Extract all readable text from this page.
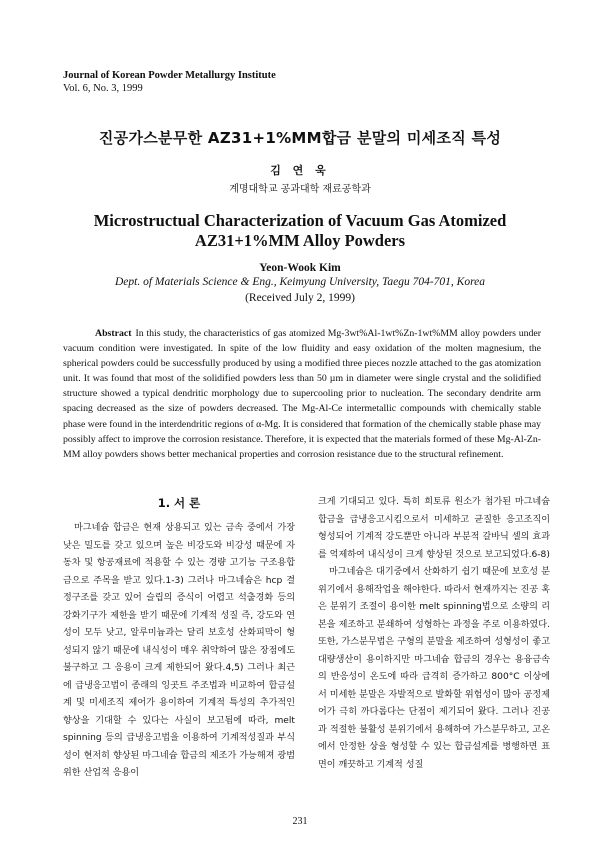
Journal of Korean Powder Metallurgy Institute
Vol. 6, No. 3, 1999
진공가스분무한 AZ31+1%MM합금 분말의 미세조직 특성
김 연 욱
계명대학교 공과대학 재료공학과
Microstructual Characterization of Vacuum Gas Atomized
AZ31+1%MM Alloy Powders
Yeon-Wook Kim
Dept. of Materials Science & Eng., Keimyung University, Taegu 704-701, Korea
(Received July 2, 1999)
Abstract In this study, the characteristics of gas atomized Mg-3wt%Al-1wt%Zn-1wt%MM alloy powders under vacuum condition were investigated. In spite of the low fluidity and easy oxidation of the molten magnesium, the spherical powders could be successfully produced by using a modified three pieces nozzle attached to the gas atomization unit. It was found that most of the solidified powders less than 50 µm in diameter were single crystal and the solidified structure showed a typical dendritic morphology due to supercooling prior to nucleation. The secondary dendrite arm spacing decreased as the size of powders decreased. The Mg-Al-Ce intermetallic compounds with chemically stable phase were found in the interdendritic regions of α-Mg. It is considered that formation of the chemically stable phase may possibly affect to improve the corrosion resistance. Therefore, it is expected that the materials formed of these Mg-Al-Zn-MM alloy powders shows better mechanical properties and corrosion resistance due to the structural refinement.
1. 서 론

마그네슘 합금은 현재 상용되고 있는 금속 중에서 가장 낮은 밀도를 갖고 있으며 높은 비강도와 비강성 때문에 자동차 및 항공재료에 적용할 수 있는 경량 고기능 구조용합금으로 주목을 받고 있다.1-3) 그러나 마그네슘은 hcp 결정구조를 갖고 있어 슬립의 증식이 어렵고 석출경화 등의 강화기구가 제한을 받기 때문에 기계적 성질 즉, 강도와 연성이 모두 낮고, 알루미늄과는 달리 보호성 산화피막이 형성되지 않기 때문에 내식성이 매우 취약하여 많은 장점에도 불구하고 그 응용이 크게 제한되어 왔다.4,5) 그러나 최근에 급냉응고법이 종래의 잉곳트 주조법과 비교하여 합금설계 및 미세조직 제어가 용이하여 기계적 특성의 추가적인 향상을 기대할 수 있다는 사실이 보고됨에 따라, melt spinning 등의 급냉응고법을 이용하여 기계적성질과 부식성이 현저히 향상된 마그네슘 합금의 제조가 가능해져 광범위한 산업적 응용이

크게 기대되고 있다. 특히 희토류 원소가 첨가된 마그네슘합금을 급냉응고시킴으로서 미세하고 균질한 응고조직이 형성되어 기계적 강도뿐만 아니라 부분적 갈바닉 셀의 효과를 억제하여 내식성이 크게 향상된 것으로 보고되었다.6-8)

마그네슘은 대기중에서 산화하기 쉽기 때문에 보호성 분위기에서 용해작업을 해야한다. 따라서 현재까지는 진공 혹은 분위기 조절이 용이한 melt spinning법으로 소량의 리본을 제조하고 분쇄하여 성형하는 과정을 주로 이용하였다. 또한, 가스분무법은 구형의 분말을 제조하여 성형성이 좋고 대량생산이 용이하지만 마그네슘 합금의 경우는 용융금속의 반응성이 온도에 따라 급격히 증가하고 800°C 이상에서 미세한 분말은 자발적으로 발화할 위험성이 많아 공정제어가 극히 까다롭다는 단점이 제기되어 왔다. 그러나 진공과 적절한 불활성 분위기에서 용해하여 가스분무하고, 고온에서 안정한 상을 형성할 수 있는 합금설계를 병행하면 표면이 깨끗하고 기계적 성질

231
